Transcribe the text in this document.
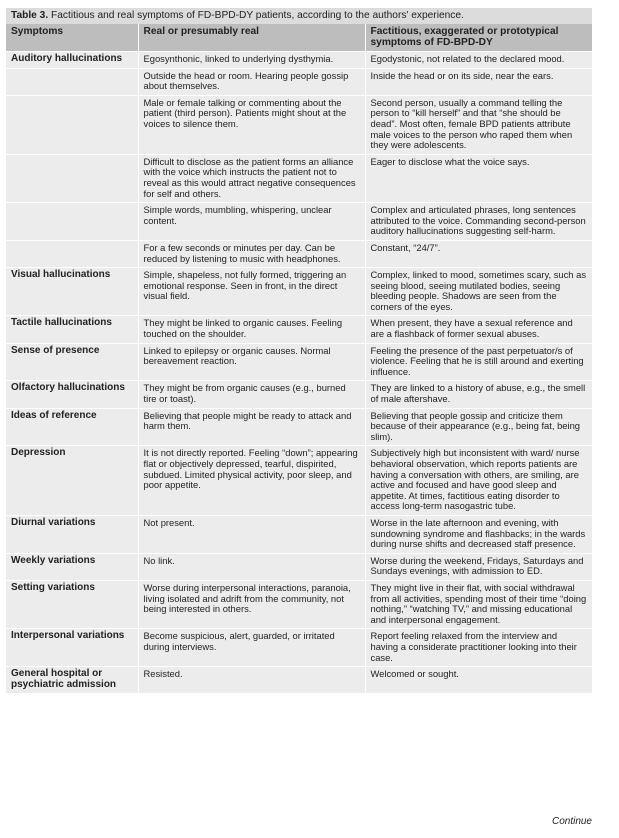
Table 3. Factitious and real symptoms of FD-BPD-DY patients, according to the authors' experience.
Symptoms	Real or presumably real	Factitious, exaggerated or prototypical symptoms of FD-BPD-DY
Auditory hallucinations	Egosynthonic, linked to underlying dysthymia.	Egodystonic, not related to the declared mood.
	Outside the head or room. Hearing people gossip about themselves.	Inside the head or on its side, near the ears.
	Male or female talking or commenting about the patient (third person). Patients might shout at the voices to silence them.	Second person, usually a command telling the person to “kill herself” and that “she should be dead”. Most often, female BPD patients attribute male voices to the person who raped them when they were adolescents.
	Difficult to disclose as the patient forms an alliance with the voice which instructs the patient not to reveal as this would attract negative consequences for self and others.	Eager to disclose what the voice says.
	Simple words, mumbling, whispering, unclear content.	Complex and articulated phrases, long sentences attributed to the voice. Commanding second-person auditory hallucinations suggesting self-harm.
	For a few seconds or minutes per day. Can be reduced by listening to music with headphones.	Constant, “24/7”.
Visual hallucinations	Simple, shapeless, not fully formed, triggering an emotional response. Seen in front, in the direct visual field.	Complex, linked to mood, sometimes scary, such as seeing blood, seeing mutilated bodies, seeing bleeding people. Shadows are seen from the corners of the eyes.
Tactile hallucinations	They might be linked to organic causes. Feeling touched on the shoulder.	When present, they have a sexual reference and are a flashback of former sexual abuses.
Sense of presence	Linked to epilepsy or organic causes. Normal bereavement reaction.	Feeling the presence of the past perpetuator/s of violence. Feeling that he is still around and exerting influence.
Olfactory hallucinations	They might be from organic causes (e.g., burned tire or toast).	They are linked to a history of abuse, e.g., the smell of male aftershave.
Ideas of reference	Believing that people might be ready to attack and harm them.	Believing that people gossip and criticize them because of their appearance (e.g., being fat, being slim).
Depression	It is not directly reported. Feeling “down”; appearing flat or objectively depressed, tearful, dispirited, subdued. Limited physical activity, poor sleep, and poor appetite.	Subjectively high but inconsistent with ward/ nurse behavioral observation, which reports patients are having a conversation with others, are smiling, are active and focused and have good sleep and appetite. At times, factitious eating disorder to access long-term nasogastric tube.
Diurnal variations	Not present.	Worse in the late afternoon and evening, with sundowning syndrome and flashbacks; in the wards during nurse shifts and decreased staff presence.
Weekly variations	No link.	Worse during the weekend, Fridays, Saturdays and Sundays evenings, with admission to ED.
Setting variations	Worse during interpersonal interactions, paranoia, living isolated and adrift from the community, not being interested in others.	They might live in their flat, with social withdrawal from all activities, spending most of their time “doing nothing,” “watching TV,” and missing educational and interpersonal engagement.
Interpersonal variations	Become suspicious, alert, guarded, or irritated during interviews.	Report feeling relaxed from the interview and having a considerate practitioner looking into their case.
General hospital or psychiatric admission	Resisted.	Welcomed or sought.
Continue
